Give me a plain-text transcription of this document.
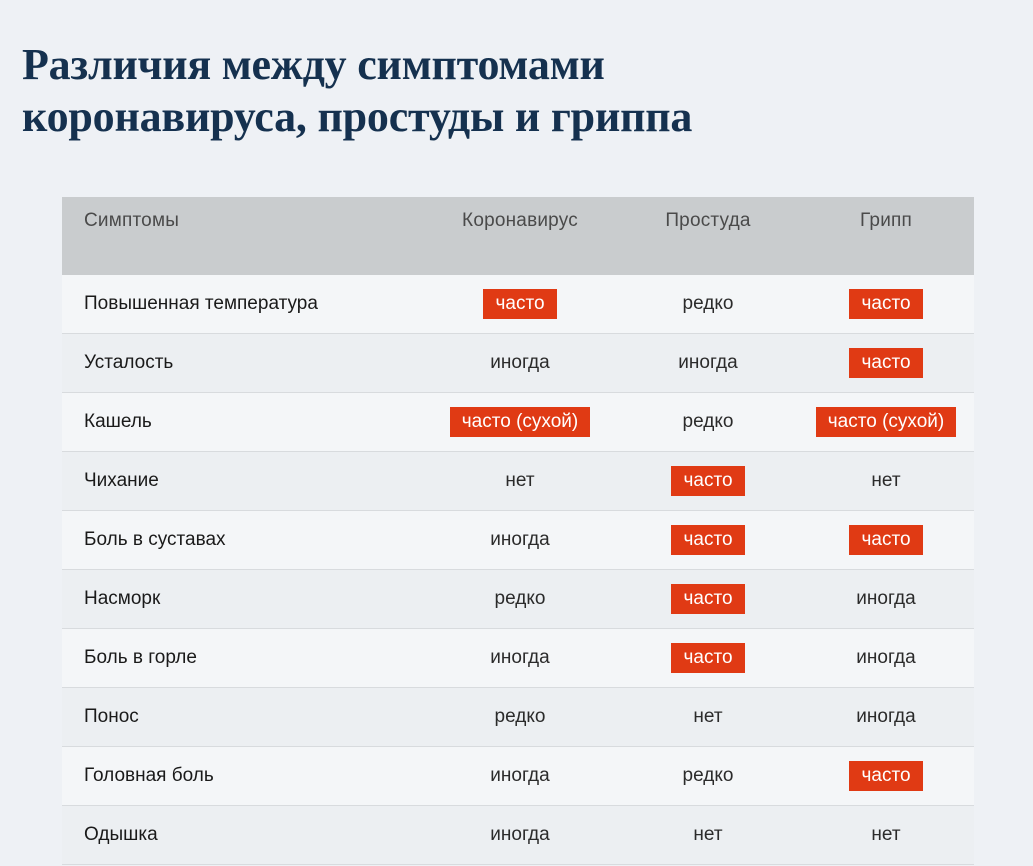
Различия между симптомами
коронавируса, простуды и гриппа
Симптомы	Коронавирус	Простуда	Грипп

Повышенная температура	часто	редко	часто
Усталость	иногда	иногда	часто
Кашель	часто (сухой)	редко	часто (сухой)
Чихание	нет	часто	нет
Боль в суставах	иногда	часто	часто
Насморк	редко	часто	иногда
Боль в горле	иногда	часто	иногда
Понос	редко	нет	иногда
Головная боль	иногда	редко	часто
Одышка	иногда	нет	нет
